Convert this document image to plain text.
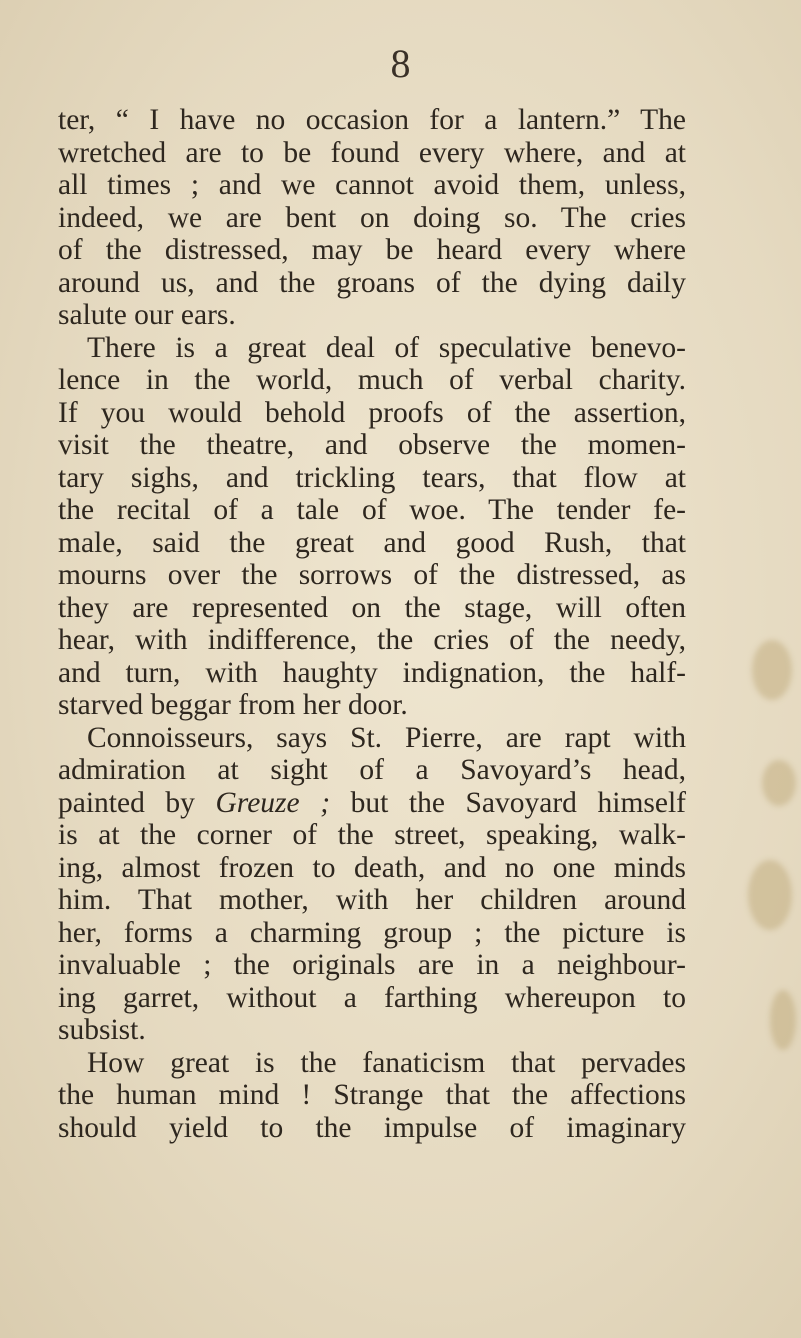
8
ter, “ I have no occasion for a lantern.” The
wretched are to be found every where, and at
all times ; and we cannot avoid them, unless,
indeed, we are bent on doing so. The cries
of the distressed, may be heard every where
around us, and the groans of the dying daily
salute our ears.
There is a great deal of speculative benevo-
lence in the world, much of verbal charity.
If you would behold proofs of the assertion,
visit the theatre, and observe the momen-
tary sighs, and trickling tears, that flow at
the recital of a tale of woe. The tender fe-
male, said the great and good Rush, that
mourns over the sorrows of the distressed, as
they are represented on the stage, will often
hear, with indifference, the cries of the needy,
and turn, with haughty indignation, the half-
starved beggar from her door.
Connoisseurs, says St. Pierre, are rapt with
admiration at sight of a Savoyard’s head,
painted by Greuze ; but the Savoyard himself
is at the corner of the street, speaking, walk-
ing, almost frozen to death, and no one minds
him. That mother, with her children around
her, forms a charming group ; the picture is
invaluable ; the originals are in a neighbour-
ing garret, without a farthing whereupon to
subsist.
How great is the fanaticism that pervades
the human mind ! Strange that the affections
should yield to the impulse of imaginary
